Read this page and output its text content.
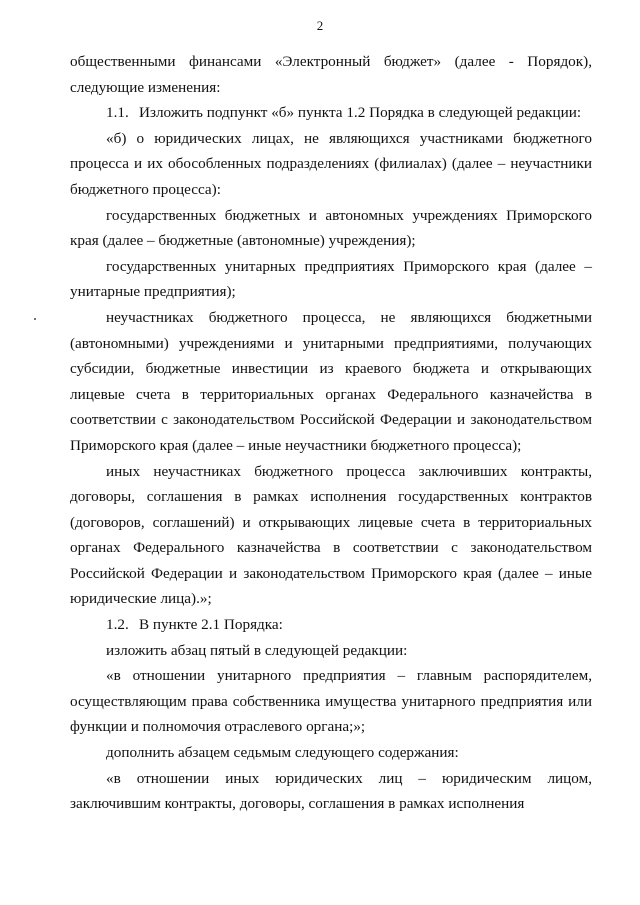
2

общественными финансами «Электронный бюджет» (далее - Порядок), следующие изменения:

1.1. Изложить подпункт «б» пункта 1.2 Порядка в следующей редакции:

«б) о юридических лицах, не являющихся участниками бюджетного процесса и их обособленных подразделениях (филиалах) (далее – неучастники бюджетного процесса):

государственных бюджетных и автономных учреждениях Приморского края (далее – бюджетные (автономные) учреждения);

государственных унитарных предприятиях Приморского края (далее – унитарные предприятия);

неучастниках бюджетного процесса, не являющихся бюджетными (автономными) учреждениями и унитарными предприятиями, получающих субсидии, бюджетные инвестиции из краевого бюджета и открывающих лицевые счета в территориальных органах Федерального казначейства в соответствии с законодательством Российской Федерации и законодательством Приморского края (далее – иные неучастники бюджетного процесса);

иных неучастниках бюджетного процесса заключивших контракты, договоры, соглашения в рамках исполнения государственных контрактов (договоров, соглашений) и открывающих лицевые счета в территориальных органах Федерального казначейства в соответствии с законодательством Российской Федерации и законодательством Приморского края (далее – иные юридические лица).»;

1.2. В пункте 2.1 Порядка:

изложить абзац пятый в следующей редакции:

«в отношении унитарного предприятия – главным распорядителем, осуществляющим права собственника имущества унитарного предприятия или функции и полномочия отраслевого органа;»;

дополнить абзацем седьмым следующего содержания:

«в отношении иных юридических лиц – юридическим лицом, заключившим контракты, договоры, соглашения в рамках исполнения
